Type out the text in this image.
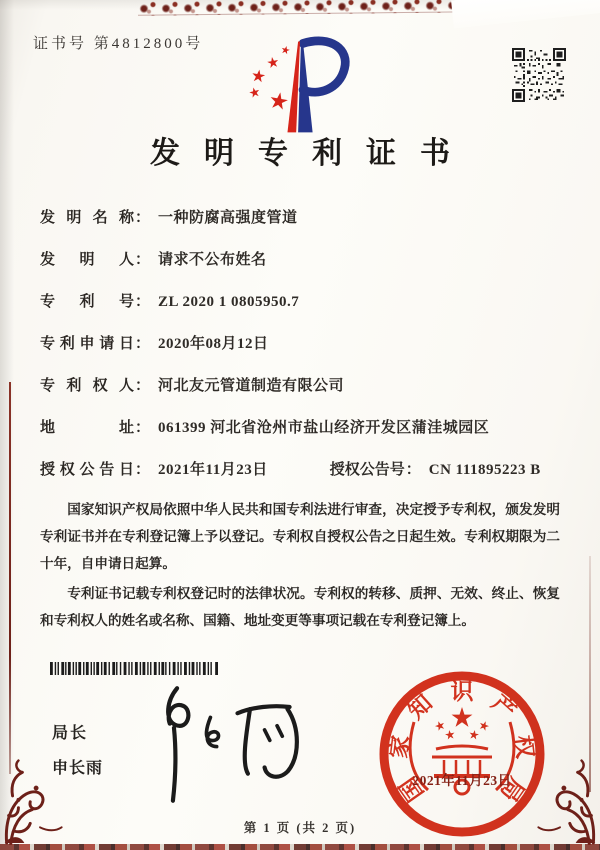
证书号 第4812800号
发明专利证书
发明名称 ： 一种防腐高强度管道
发明人 ： 请求不公布姓名
专利号 ： ZL 2020 1 0805950.7
专利申请日 ： 2020年08月12日
专利权人 ： 河北友元管道制造有限公司
地址 ： 061399 河北省沧州市盐山经济开发区蒲洼城园区
授权公告日 ： 2021年11月23日	授权公告号 ： CN 111895223 B

国家知识产权局依照中华人民共和国专利法进行审查，决定授予专利权，颁发发明专利证书并在专利登记簿上予以登记。专利权自授权公告之日起生效。专利权期限为二十年，自申请日起算。

专利证书记载专利权登记时的法律状况。专利权的转移、质押、无效、终止、恢复和专利权人的姓名或名称、国籍、地址变更等事项记载在专利登记簿上。

局长
申长雨
国
家
知 识 产
权
局
2021年11月23日
第 1 页 (共 2 页)
